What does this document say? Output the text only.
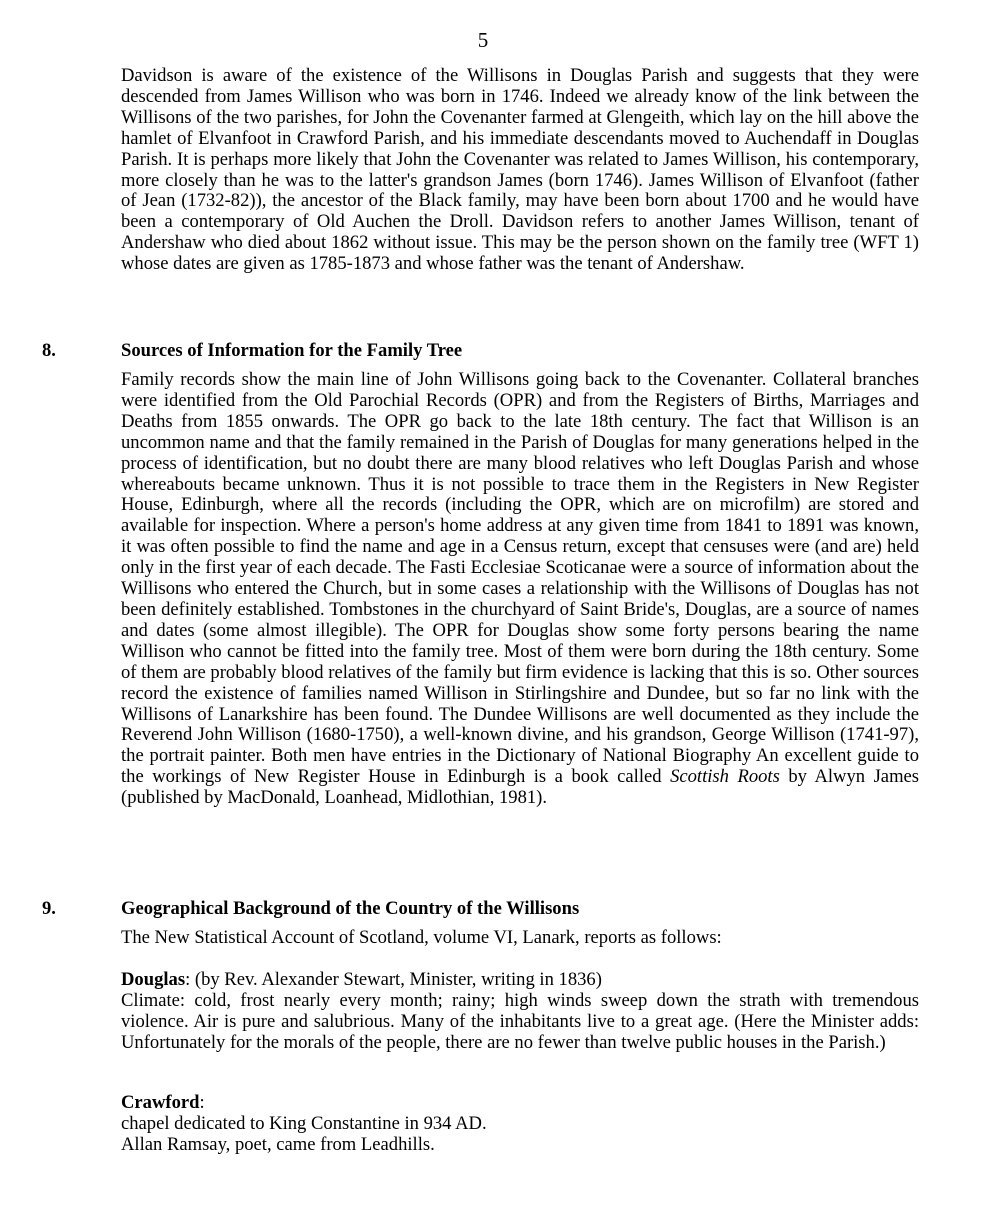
5

Davidson is aware of the existence of the Willisons in Douglas Parish and suggests that they were descended from James Willison who was born in 1746. Indeed we already know of the link between the Willisons of the two parishes, for John the Covenanter farmed at Glengeith, which lay on the hill above the hamlet of Elvanfoot in Crawford Parish, and his immediate descendants moved to Auchendaff in Douglas Parish. It is perhaps more likely that John the Covenanter was related to James Willison, his contemporary, more closely than he was to the latter's grandson James (born 1746). James Willison of Elvanfoot (father of Jean (1732-82)), the ancestor of the Black family, may have been born about 1700 and he would have been a contemporary of Old Auchen the Droll. Davidson refers to another James Willison, tenant of Andershaw who died about 1862 without issue. This may be the person shown on the family tree (WFT 1) whose dates are given as 1785-1873 and whose father was the tenant of Andershaw.

8.	Sources of Information for the Family Tree

Family records show the main line of John Willisons going back to the Covenanter. Collateral branches were identified from the Old Parochial Records (OPR) and from the Registers of Births, Marriages and Deaths from 1855 onwards. The OPR go back to the late 18th century. The fact that Willison is an uncommon name and that the family remained in the Parish of Douglas for many generations helped in the process of identification, but no doubt there are many blood relatives who left Douglas Parish and whose whereabouts became unknown. Thus it is not possible to trace them in the Registers in New Register House, Edinburgh, where all the records (including the OPR, which are on microfilm) are stored and available for inspection. Where a person's home address at any given time from 1841 to 1891 was known, it was often possible to find the name and age in a Census return, except that censuses were (and are) held only in the first year of each decade. The Fasti Ecclesiae Scoticanae were a source of information about the Willisons who entered the Church, but in some cases a relationship with the Willisons of Douglas has not been definitely established. Tombstones in the churchyard of Saint Bride's, Douglas, are a source of names and dates (some almost illegible). The OPR for Douglas show some forty persons bearing the name Willison who cannot be fitted into the family tree. Most of them were born during the 18th century. Some of them are probably blood relatives of the family but firm evidence is lacking that this is so. Other sources record the existence of families named Willison in Stirlingshire and Dundee, but so far no link with the Willisons of Lanarkshire has been found. The Dundee Willisons are well documented as they include the Reverend John Willison (1680-1750), a well-known divine, and his grandson, George Willison (1741-97), the portrait painter. Both men have entries in the Dictionary of National Biography An excellent guide to the workings of New Register House in Edinburgh is a book called Scottish Roots by Alwyn James (published by MacDonald, Loanhead, Midlothian, 1981).

9.	Geographical Background of the Country of the Willisons

The New Statistical Account of Scotland, volume VI, Lanark, reports as follows:

Douglas: (by Rev. Alexander Stewart, Minister, writing in 1836)

Climate: cold, frost nearly every month; rainy; high winds sweep down the strath with tremendous violence. Air is pure and salubrious. Many of the inhabitants live to a great age. (Here the Minister adds: Unfortunately for the morals of the people, there are no fewer than twelve public houses in the Parish.)

Crawford:

chapel dedicated to King Constantine in 934 AD.

Allan Ramsay, poet, came from Leadhills.
